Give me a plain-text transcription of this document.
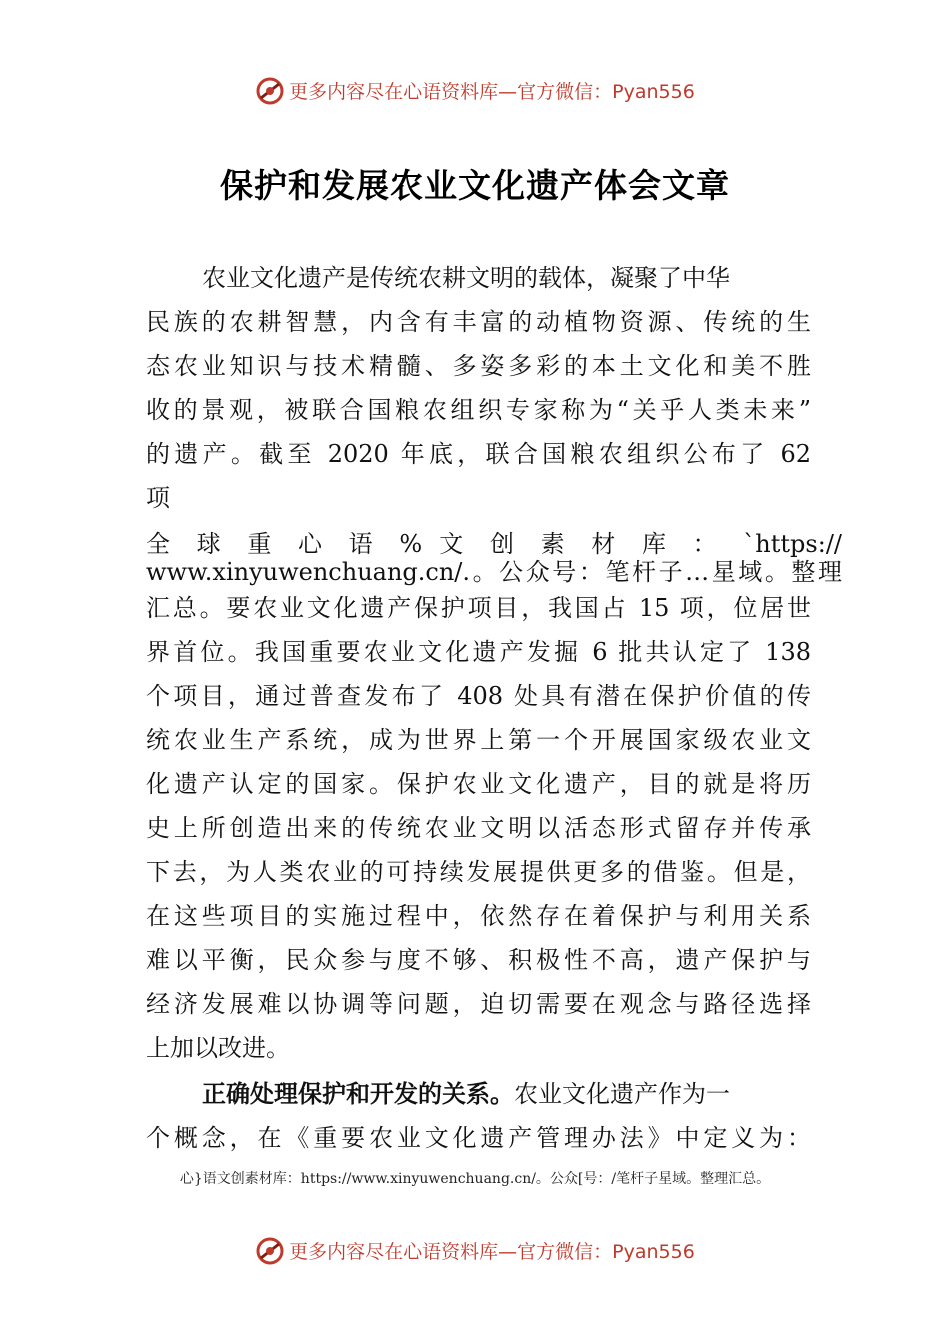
更多内容尽在心语资料库—官方微信：Pyan556
保护和发展农业文化遗产体会文章
农业文化遗产是传统农耕文明的载体，凝聚了中华
民族的农耕智慧，内含有丰富的动植物资源、传统的生
态农业知识与技术精髓、多姿多彩的本土文化和美不胜
收的景观，被联合国粮农组织专家称为“关乎人类未来”
的遗产。截至 2020 年底，联合国粮农组织公布了 62
项
全 球 重 心 语 % 文 创 素 材 库 ： `https://
www.xinyuwenchuang.cn/.。公众号：笔杆子…星域。整理
汇总。要农业文化遗产保护项目，我国占 15 项，位居世
界首位。我国重要农业文化遗产发掘 6 批共认定了 138
个项目，通过普查发布了 408 处具有潜在保护价值的传
统农业生产系统，成为世界上第一个开展国家级农业文
化遗产认定的国家。保护农业文化遗产，目的就是将历
史上所创造出来的传统农业文明以活态形式留存并传承
下去，为人类农业的可持续发展提供更多的借鉴。但是，
在这些项目的实施过程中，依然存在着保护与利用关系
难以平衡，民众参与度不够、积极性不高，遗产保护与
经济发展难以协调等问题，迫切需要在观念与路径选择
上加以改进。
正确处理保护和开发的关系。农业文化遗产作为一
个概念，在《重要农业文化遗产管理办法》中定义为：
心}语文创素材库：https://www.xinyuwenchuang.cn/。公众[号：/笔杆子星域。整理汇总。
更多内容尽在心语资料库—官方微信：Pyan556
